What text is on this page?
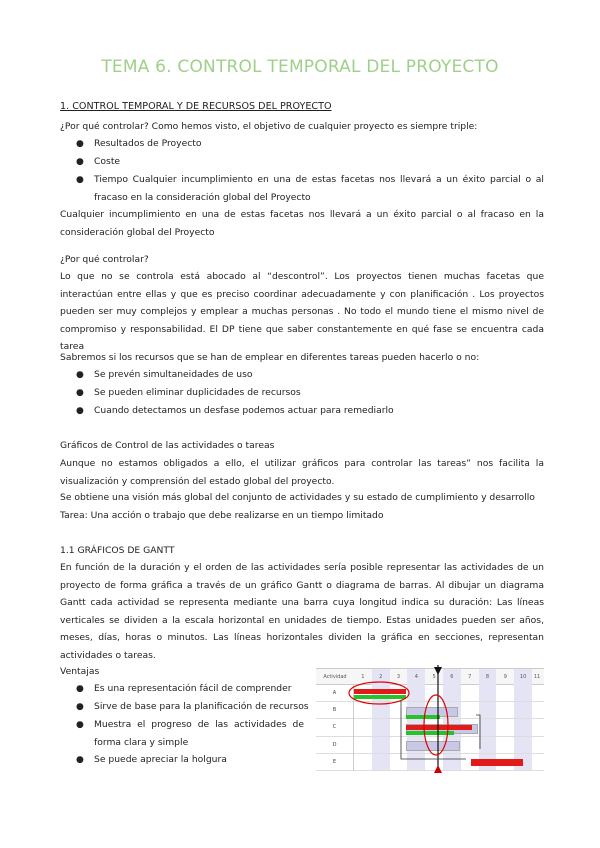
TEMA 6. CONTROL TEMPORAL DEL PROYECTO
1. CONTROL TEMPORAL Y DE RECURSOS DEL PROYECTO
¿Por qué controlar? Como hemos visto, el objetivo de cualquier proyecto es siempre triple:
● Resultados de Proyecto
● Coste
● Tiempo Cualquier incumplimiento en una de estas facetas nos llevará a un éxito parcial o al fracaso en la consideración global del Proyecto
Cualquier incumplimiento en una de estas facetas nos llevará a un éxito parcial o al fracaso en la consideración global del Proyecto
¿Por qué controlar?
Lo que no se controla está abocado al “descontrol”. Los proyectos tienen muchas facetas que interactúan entre ellas y que es preciso coordinar adecuadamente y con planificación . Los proyectos pueden ser muy complejos y emplear a muchas personas . No todo el mundo tiene el mismo nivel de compromiso y responsabilidad. El DP tiene que saber constantemente en qué fase se encuentra cada tarea
Sabremos si los recursos que se han de emplear en diferentes tareas pueden hacerlo o no:
● Se prevén simultaneidades de uso
● Se pueden eliminar duplicidades de recursos
● Cuando detectamos un desfase podemos actuar para remediarlo
Gráficos de Control de las actividades o tareas
Aunque no estamos obligados a ello, el utilizar gráficos para controlar las tareas” nos facilita la visualización y comprensión del estado global del proyecto.
Se obtiene una visión más global del conjunto de actividades y su estado de cumplimiento y desarrollo
Tarea: Una acción o trabajo que debe realizarse en un tiempo limitado
1.1 GRÁFICOS DE GANTT
En función de la duración y el orden de las actividades sería posible representar las actividades de un proyecto de forma gráfica a través de un gráfico Gantt o diagrama de barras. Al dibujar un diagrama Gantt cada actividad se representa mediante una barra cuya longitud indica su duración: Las líneas verticales se dividen a la escala horizontal en unidades de tiempo. Estas unidades pueden ser años, meses, días, horas o minutos. Las líneas horizontales dividen la gráfica en secciones, representan actividades o tareas.
Ventajas
● Es una representación fácil de comprender
● Sirve de base para la planificación de recursos
● Muestra el progreso de las actividades de forma clara y simple
● Se puede apreciar la holgura
Actividad	1	2	3	4	5	6	7	8	9	10	11
A
B
C
D
E
